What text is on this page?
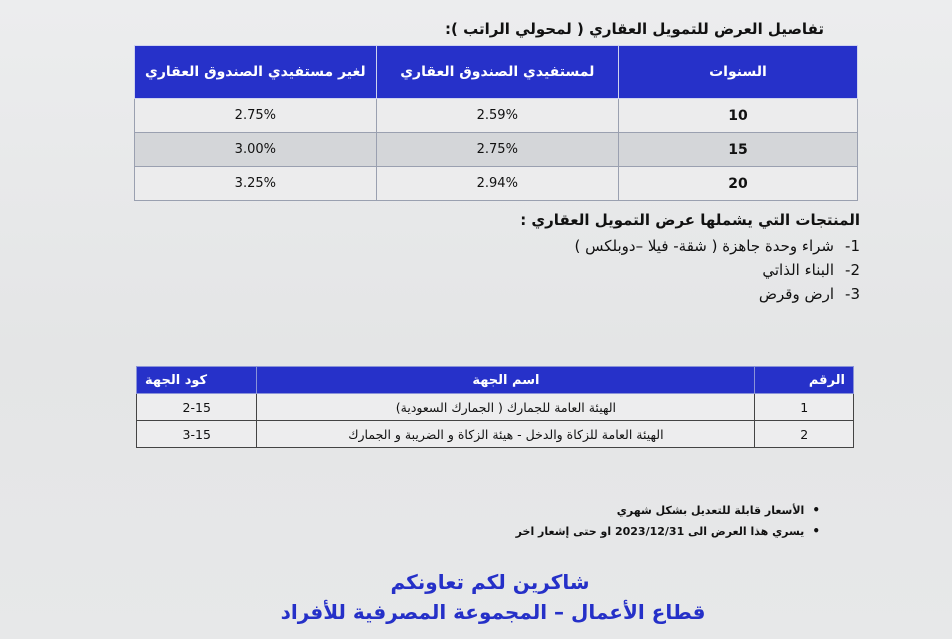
تفاصيل العرض للتمويل العقاري ( لمحولي الراتب ):
السنوات	لمستفيدي الصندوق العقاري	لغير مستفيدي الصندوق العقاري
10	2.59%	2.75%
15	2.75%	3.00%
20	2.94%	3.25%
المنتجات التي يشملها عرض التمويل العقاري :
1-
شراء وحدة جاهزة ( شقة- فيلا –دوبلكس )
2-
البناء الذاتي
3-
ارض وقرض
الرقم	اسم الجهة	كود الجهة
1	الهيئة العامة للجمارك ( الجمارك السعودية)	2-15
2	الهيئة العامة للزكاة والدخل - هيئة الزكاة و الضريبة و الجمارك	3-15
• الأسعار قابلة للتعديل بشكل شهري
• يسري هذا العرض الى 2023/12/31 او حتى إشعار اخر
شاكرين لكم تعاونكم
قطاع الأعمال – المجموعة المصرفية للأفراد
